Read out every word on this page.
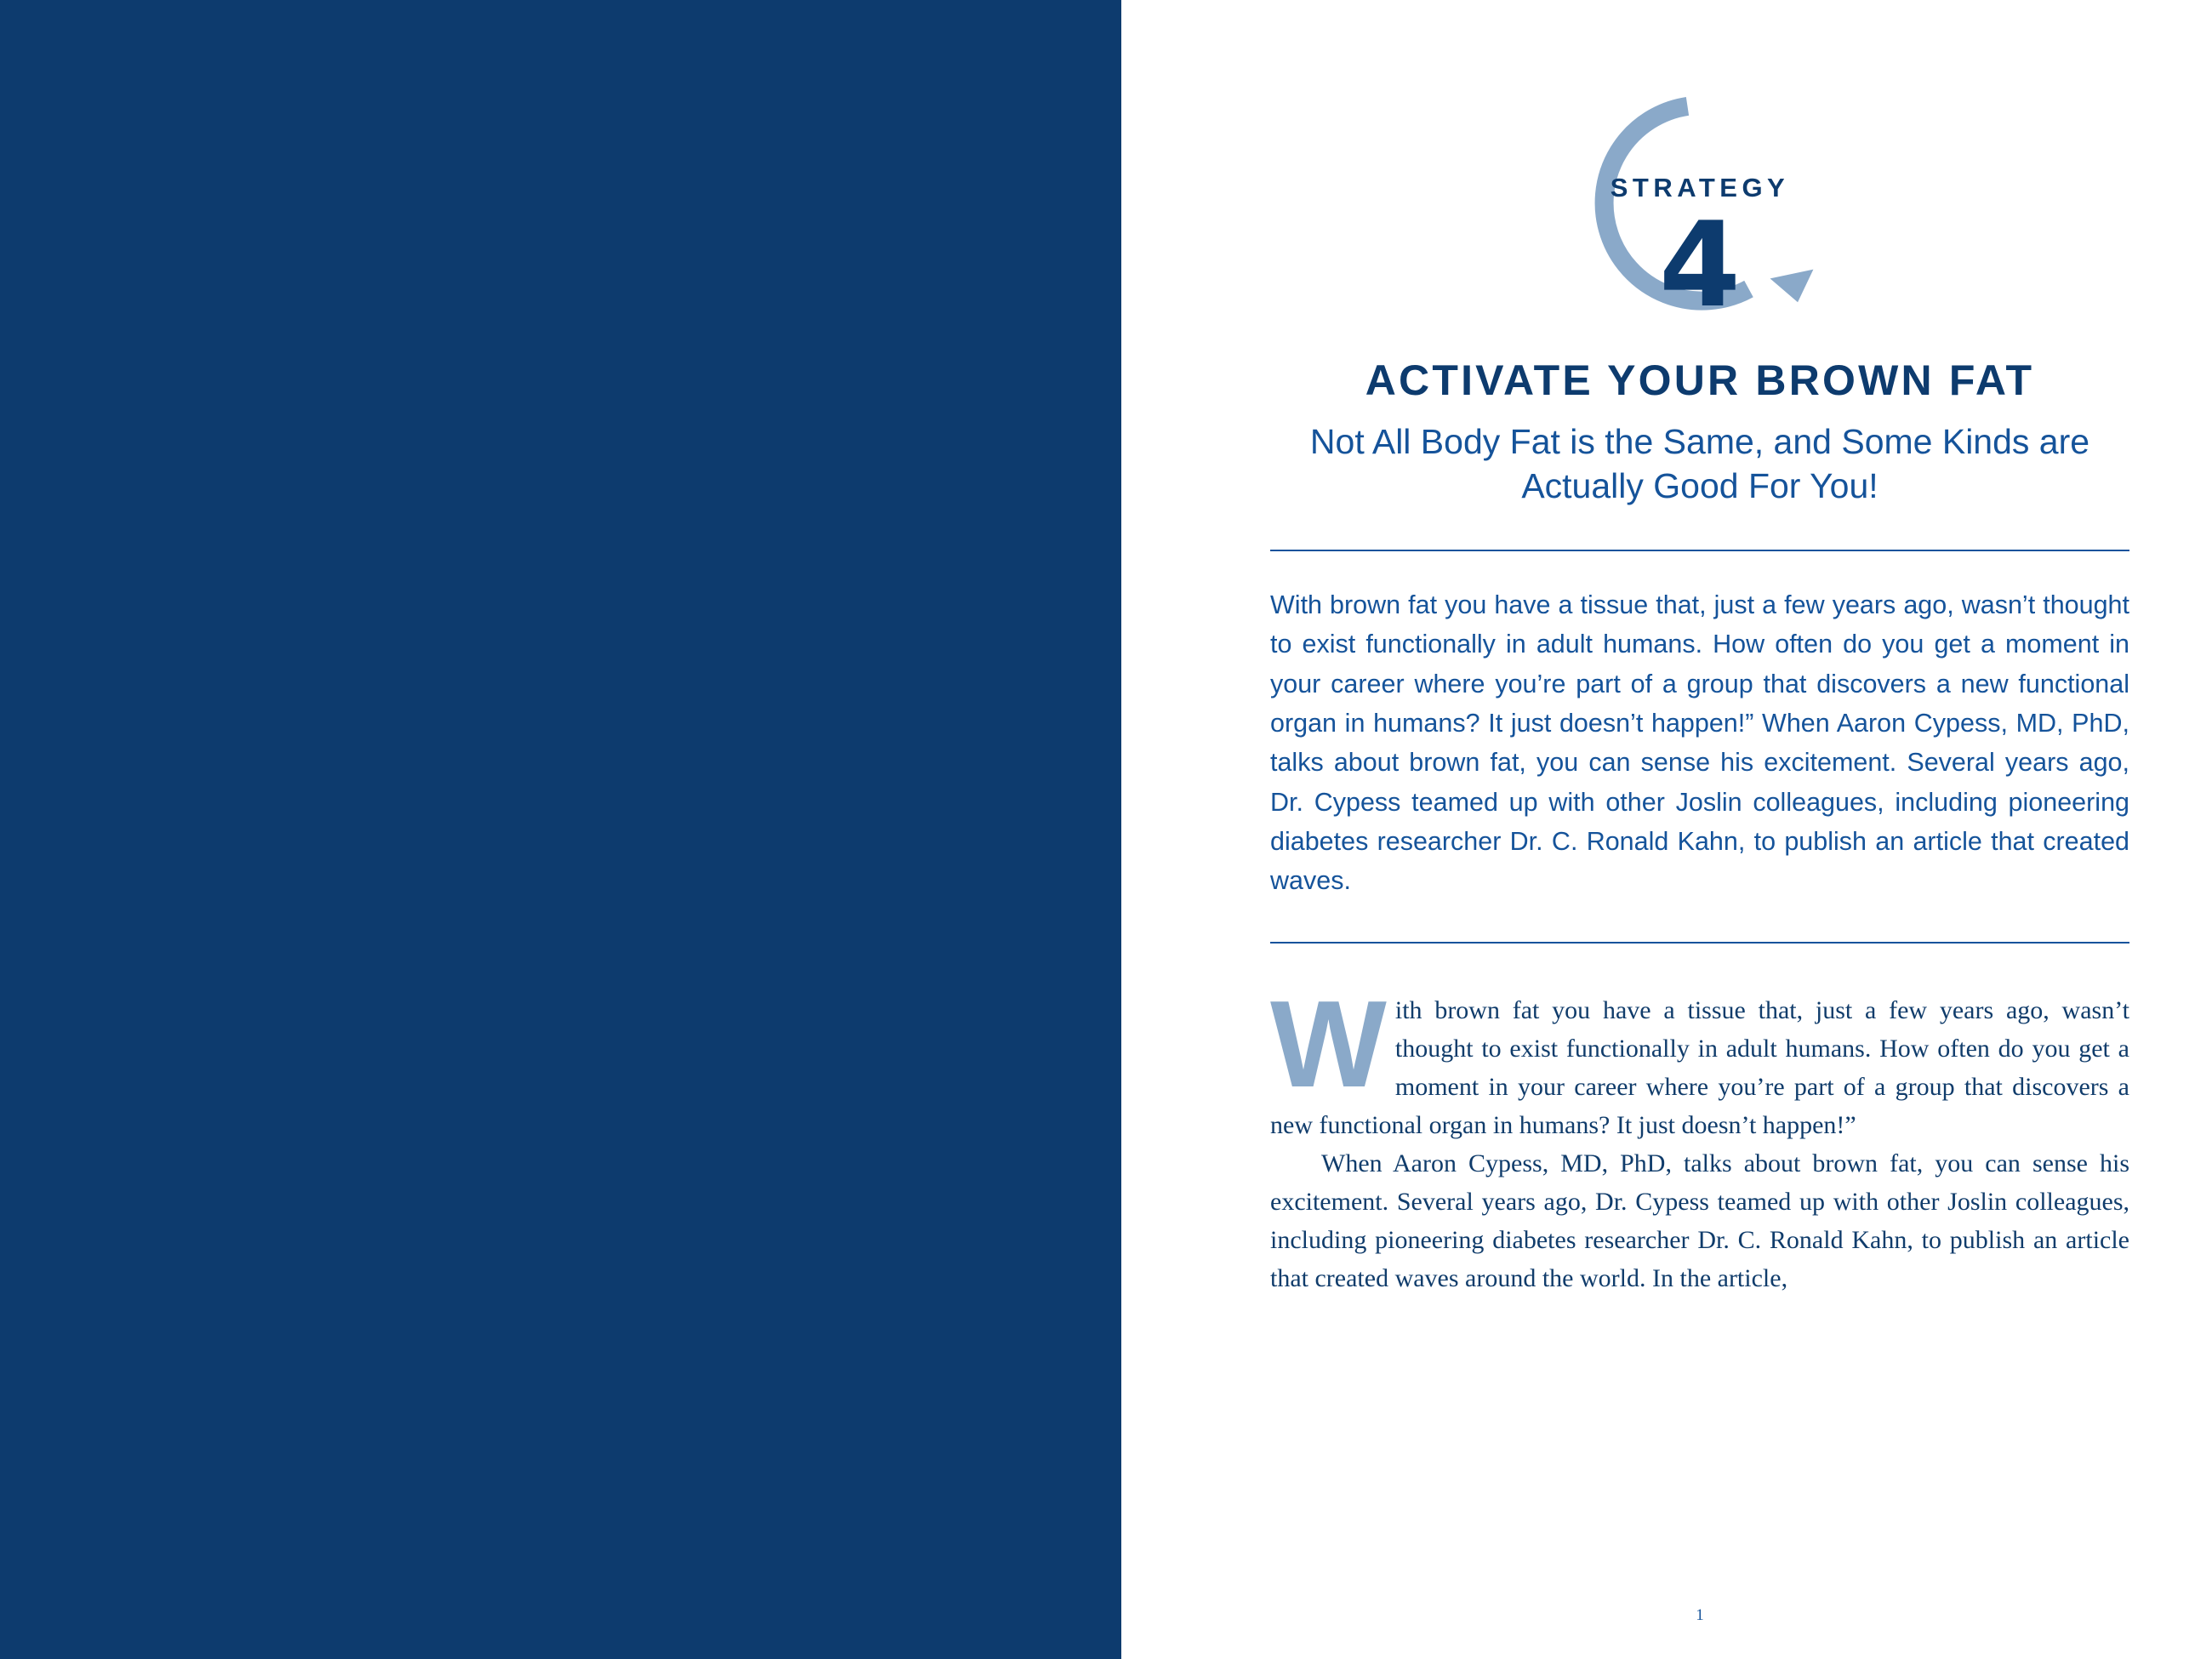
STRATEGY
4
ACTIVATE YOUR BROWN FAT
Not All Body Fat is the Same, and Some Kinds are Actually Good For You!

With brown fat you have a tissue that, just a few years ago, wasn’t thought to exist functionally in adult humans. How often do you get a moment in your career where you’re part of a group that discovers a new functional organ in humans? It just doesn’t happen!” When Aaron Cypess, MD, PhD, talks about brown fat, you can sense his excitement. Several years ago, Dr. Cypess teamed up with other Joslin colleagues, including pioneering diabetes researcher Dr. C. Ronald Kahn, to publish an article that created waves.

With brown fat you have a tissue that, just a few years ago, wasn’t thought to exist functionally in adult humans. How often do you get a moment in your career where you’re part of a group that discovers a new functional organ in humans? It just doesn’t happen!”

When Aaron Cypess, MD, PhD, talks about brown fat, you can sense his excitement. Several years ago, Dr. Cypess teamed up with other Joslin colleagues, including pioneering diabetes researcher Dr. C. Ronald Kahn, to publish an article that created waves around the world. In the article,

1
